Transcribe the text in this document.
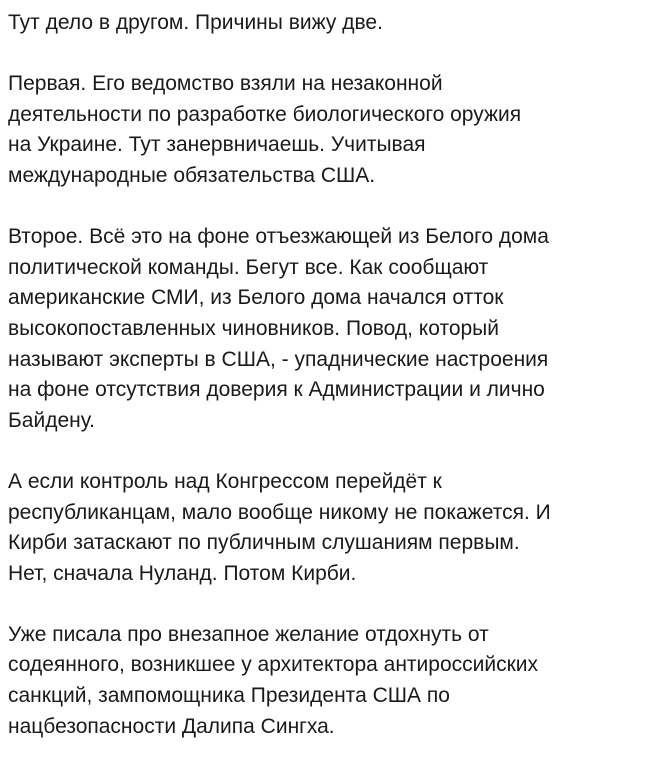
Тут дело в другом. Причины вижу две.

Первая. Его ведомство взяли на незаконной
деятельности по разработке биологического оружия
на Украине. Тут занервничаешь. Учитывая
международные обязательства США.

Второе. Всё это на фоне отъезжающей из Белого дома
политической команды. Бегут все. Как сообщают
американские СМИ, из Белого дома начался отток
высокопоставленных чиновников. Повод, который
называют эксперты в США, - упаднические настроения
на фоне отсутствия доверия к Администрации и лично
Байдену.

А если контроль над Конгрессом перейдёт к
республиканцам, мало вообще никому не покажется. И
Кирби затаскают по публичным слушаниям первым.
Нет, сначала Нуланд. Потом Кирби.

Уже писала про внезапное желание отдохнуть от
содеянного, возникшее у архитектора антироссийских
санкций, зампомощника Президента США по
нацбезопасности Далипа Сингха.
